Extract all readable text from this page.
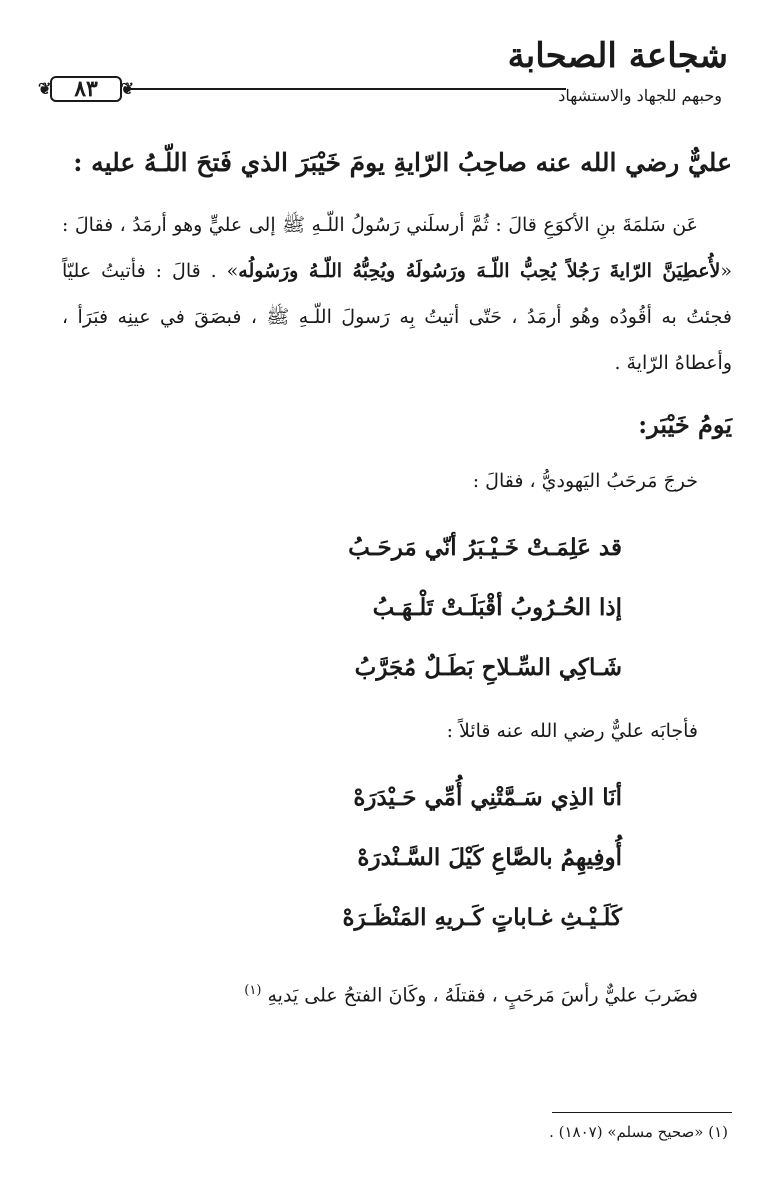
شجاعة الصحابة
وحبهم للجهاد والاستشهاد
❦
٨٣
❦
عليٌّ رضي الله عنه صاحِبُ الرّايةِ يومَ خَيْبَرَ الذي فَتحَ اللّـهُ عليه :

عَن سَلمَةَ بنِ الأكوَعِ قالَ : ثُمَّ أرسلَني رَسُولُ اللّـهِ ﷺ إلى عليٍّ وهو أرمَدُ ، فقالَ : «لأُعطِيَنَّ الرّايةَ رَجُلاً يُحِبُّ اللّـهَ ورَسُولَهُ ويُحِبُّهُ اللّـهُ ورَسُولُه» . قالَ : فأتيتُ عليّاً فجئتُ به أقُودُه وهُو أرمَدُ ، حَتّى أتيتُ بِه رَسولَ اللّـهِ ﷺ ، فبصَقَ في عينِه فبَرَأ ، وأعطاهُ الرّايةَ .

يَومُ خَيْبَر:
خرجَ مَرحَبُ اليَهوديُّ ، فقالَ :
قد عَلِمَـتْ خَـيْـبَرُ أنّي مَرحَـبُ
إذا الحُـرُوبُ أقْبَلَـتْ تَلْـهَـبُ
شَـاكِي السِّـلاحِ بَطَـلٌ مُجَرَّبُ
فأجابَه عليٌّ رضي الله عنه قائلاً :
أنَا الذِي سَـمَّتْنِي أُمِّي حَـيْدَرَهْ
أُوفِيهِمُ بالصَّاعِ كَيْلَ السَّـنْدرَهْ
كَلَـيْـثِ غـاباتٍ كَـريهِ المَنْظَـرَهْ
فضَربَ عليٌّ رأسَ مَرحَبٍ ، فقتلَهُ ، وكَانَ الفتحُ على يَديهِ $^{(١)}$
(١) «صحيح مسلم» (١٨٠٧) .
